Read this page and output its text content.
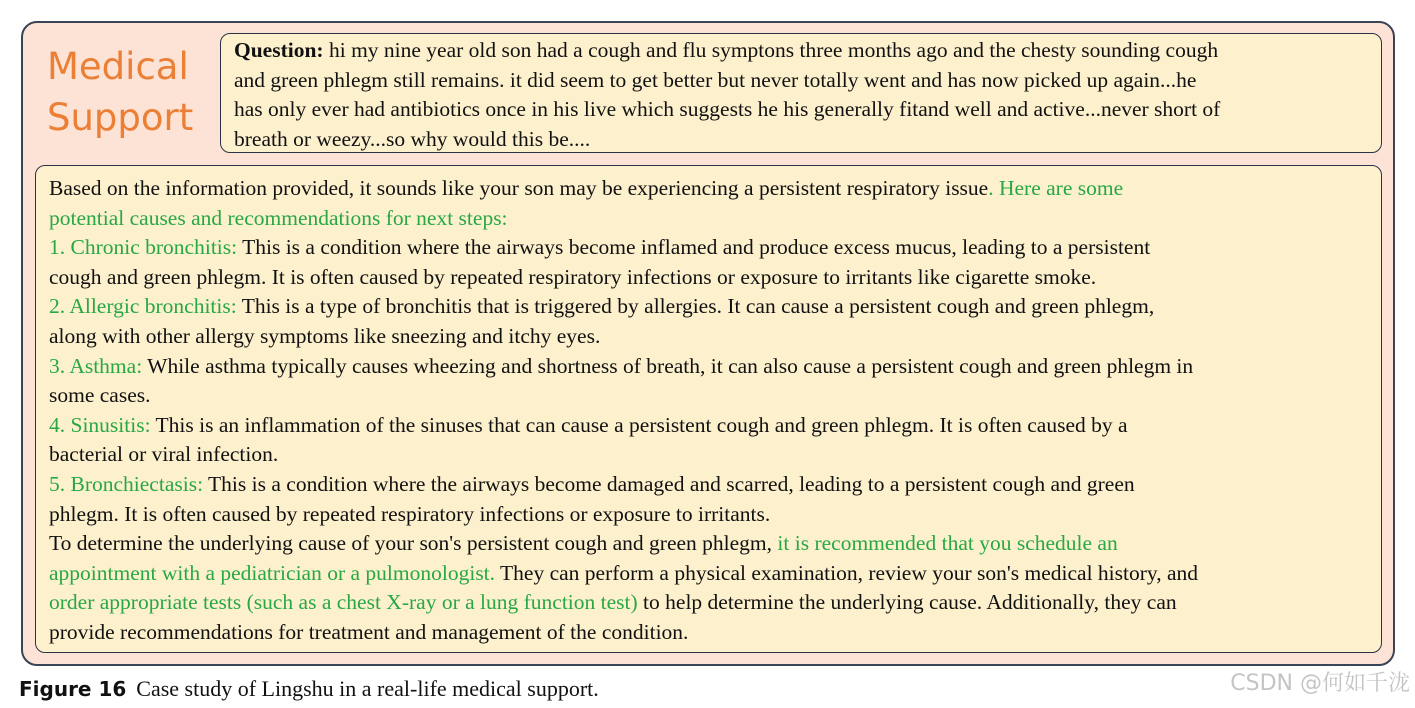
Medical
Support
Question: hi my nine year old son had a cough and flu symptons three months ago and the chesty sounding cough
and green phlegm still remains. it did seem to get better but never totally went and has now picked up again...he
has only ever had antibiotics once in his live which suggests he his generally fitand well and active...never short of
breath or weezy...so why would this be....
Based on the information provided, it sounds like your son may be experiencing a persistent respiratory issue. Here are some
potential causes and recommendations for next steps:
1. Chronic bronchitis: This is a condition where the airways become inflamed and produce excess mucus, leading to a persistent
cough and green phlegm. It is often caused by repeated respiratory infections or exposure to irritants like cigarette smoke.
2. Allergic bronchitis: This is a type of bronchitis that is triggered by allergies. It can cause a persistent cough and green phlegm,
along with other allergy symptoms like sneezing and itchy eyes.
3. Asthma: While asthma typically causes wheezing and shortness of breath, it can also cause a persistent cough and green phlegm in
some cases.
4. Sinusitis: This is an inflammation of the sinuses that can cause a persistent cough and green phlegm. It is often caused by a
bacterial or viral infection.
5. Bronchiectasis: This is a condition where the airways become damaged and scarred, leading to a persistent cough and green
phlegm. It is often caused by repeated respiratory infections or exposure to irritants.
To determine the underlying cause of your son's persistent cough and green phlegm, it is recommended that you schedule an
appointment with a pediatrician or a pulmonologist. They can perform a physical examination, review your son's medical history, and
order appropriate tests (such as a chest X-ray or a lung function test) to help determine the underlying cause. Additionally, they can
provide recommendations for treatment and management of the condition.
Figure 16 Case study of Lingshu in a real-life medical support.	CSDN @何如千泷
